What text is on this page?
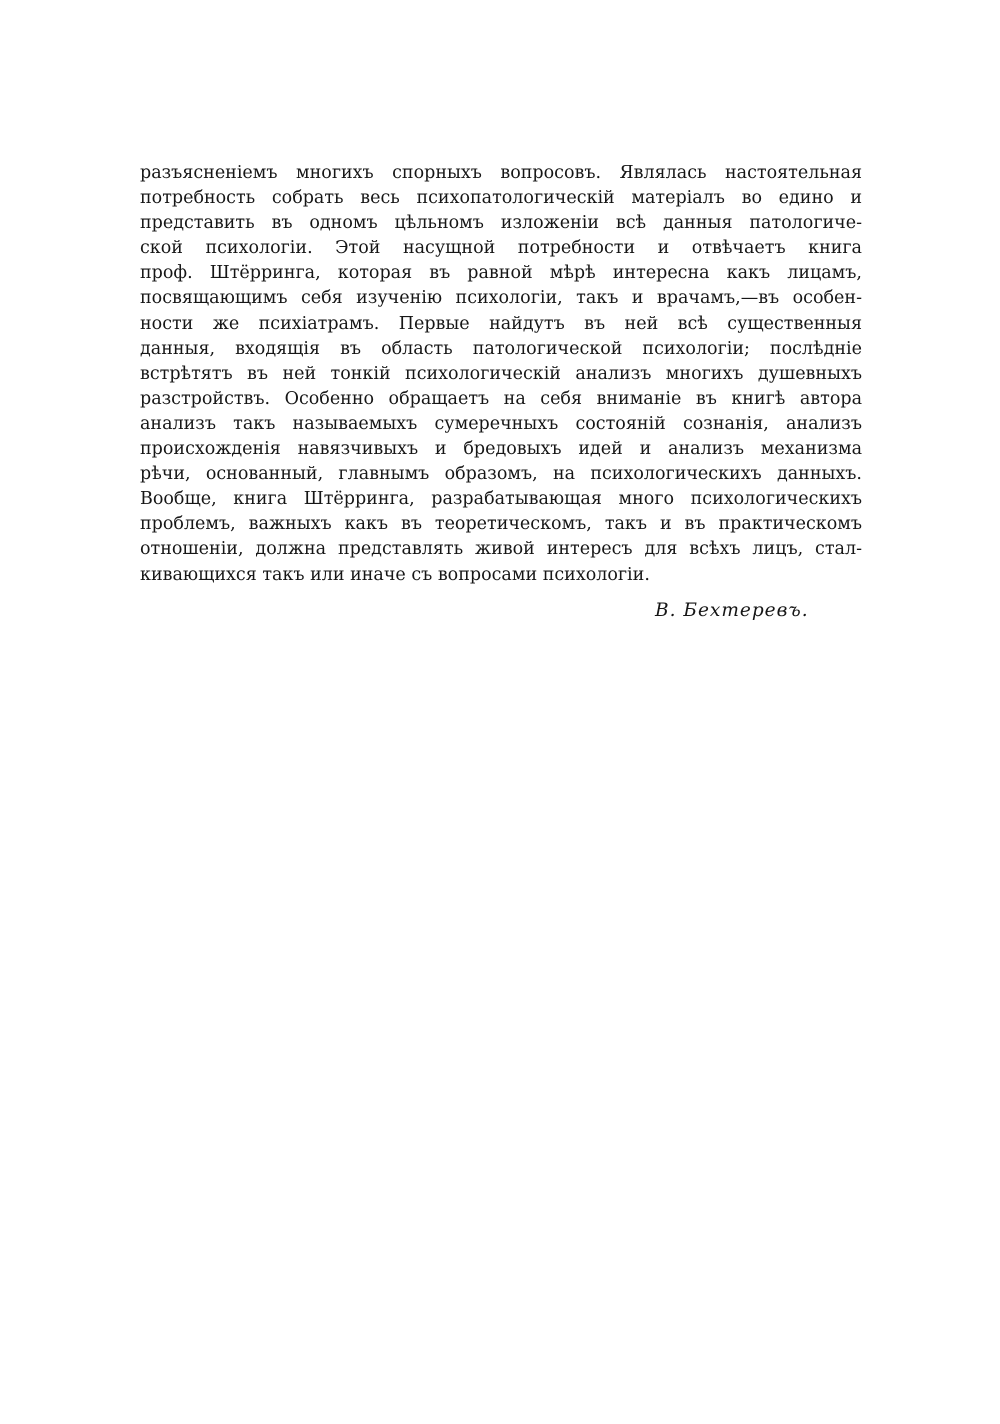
разъясненіемъ многихъ спорныхъ вопросовъ. Являлась настоятельная
потребность собрать весь психопатологическій матеріалъ во едино и
представить въ одномъ цѣльномъ изложеніи всѣ данныя патологиче-
ской психологіи. Этой насущной потребности и отвѣчаетъ книга
проф. Штёрринга, которая въ равной мѣрѣ интересна какъ лицамъ,
посвящающимъ себя изученію психологіи, такъ и врачамъ,—въ особен-
ности же психіатрамъ. Первые найдутъ въ ней всѣ существенныя
данныя, входящія въ область патологической психологіи; послѣдніе
встрѣтятъ въ ней тонкій психологическій анализъ многихъ душевныхъ
разстройствъ. Особенно обращаетъ на себя вниманіе въ книгѣ автора
анализъ такъ называемыхъ сумеречныхъ состояній сознанія, анализъ
происхожденія навязчивыхъ и бредовыхъ идей и анализъ механизма
рѣчи, основанный, главнымъ образомъ, на психологическихъ данныхъ.
Вообще, книга Штёрринга, разрабатывающая много психологическихъ
проблемъ, важныхъ какъ въ теоретическомъ, такъ и въ практическомъ
отношеніи, должна представлять живой интересъ для всѣхъ лицъ, стал-
кивающихся такъ или иначе съ вопросами психологіи.
В. Бехтеревъ.
